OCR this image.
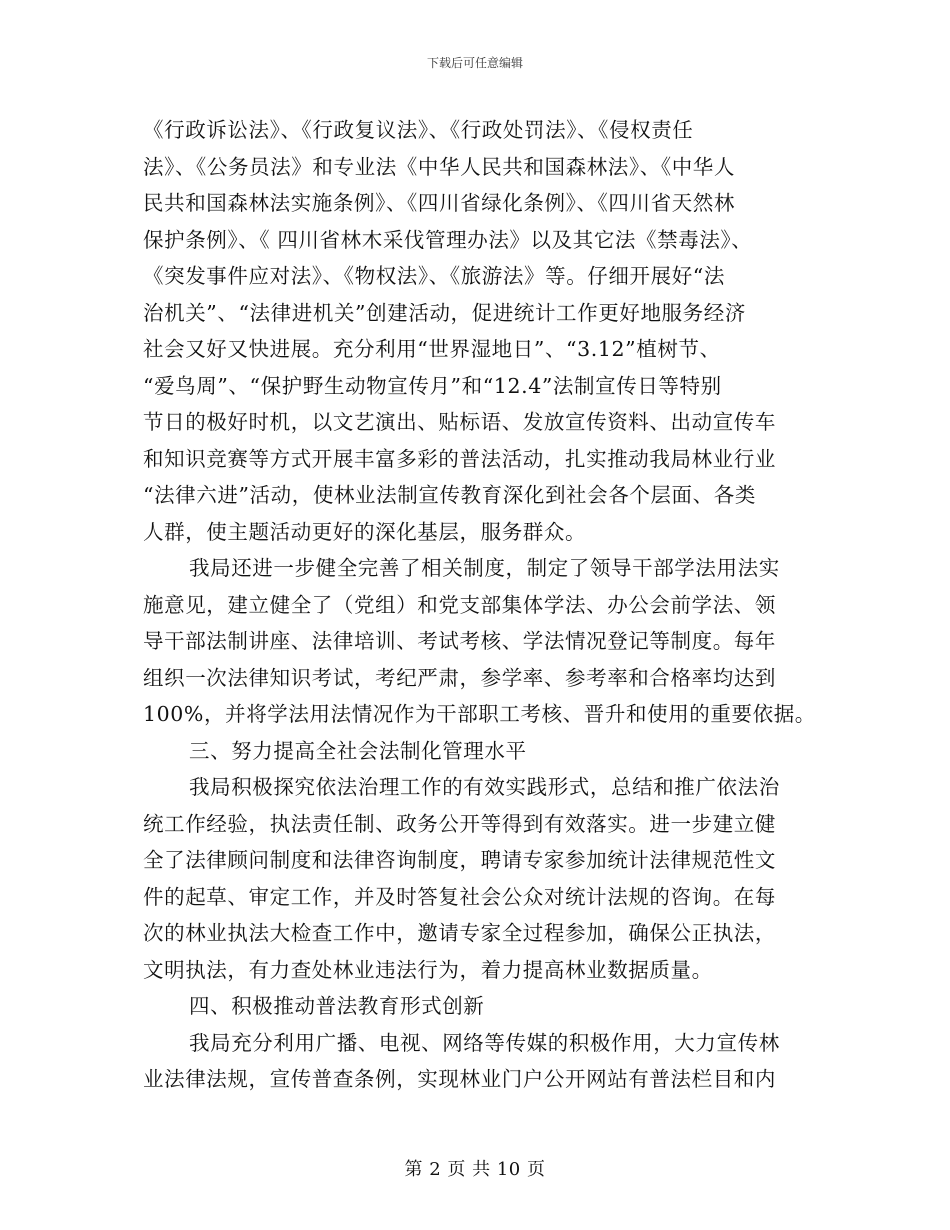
下载后可任意编辑
《行政诉讼法》、《行政复议法》、《行政处罚法》、《侵权责任
法》、《公务员法》和专业法《中华人民共和国森林法》、《中华人
民共和国森林法实施条例》、《四川省绿化条例》、《四川省天然林
保护条例》、《 四川省林木采伐管理办法》以及其它法《禁毒法》、
《突发事件应对法》、《物权法》、《旅游法》等。仔细开展好“法
治机关”、“法律进机关”创建活动，促进统计工作更好地服务经济
社会又好又快进展。充分利用“世界湿地日”、“3.12”植树节、
“爱鸟周”、“保护野生动物宣传月”和“12.4”法制宣传日等特别
节日的极好时机，以文艺演出、贴标语、发放宣传资料、出动宣传车
和知识竞赛等方式开展丰富多彩的普法活动，扎实推动我局林业行业
“法律六进”活动，使林业法制宣传教育深化到社会各个层面、各类
人群，使主题活动更好的深化基层，服务群众。
我局还进一步健全完善了相关制度，制定了领导干部学法用法实
施意见，建立健全了（党组）和党支部集体学法、办公会前学法、领
导干部法制讲座、法律培训、考试考核、学法情况登记等制度。每年
组织一次法律知识考试，考纪严肃，参学率、参考率和合格率均达到
100%，并将学法用法情况作为干部职工考核、晋升和使用的重要依据。
三、努力提高全社会法制化管理水平
我局积极探究依法治理工作的有效实践形式，总结和推广依法治
统工作经验，执法责任制、政务公开等得到有效落实。进一步建立健
全了法律顾问制度和法律咨询制度，聘请专家参加统计法律规范性文
件的起草、审定工作，并及时答复社会公众对统计法规的咨询。在每
次的林业执法大检查工作中，邀请专家全过程参加，确保公正执法，
文明执法，有力查处林业违法行为，着力提高林业数据质量。
四、积极推动普法教育形式创新
我局充分利用广播、电视、网络等传媒的积极作用，大力宣传林
业法律法规，宣传普查条例，实现林业门户公开网站有普法栏目和内
第 2 页 共 10 页
